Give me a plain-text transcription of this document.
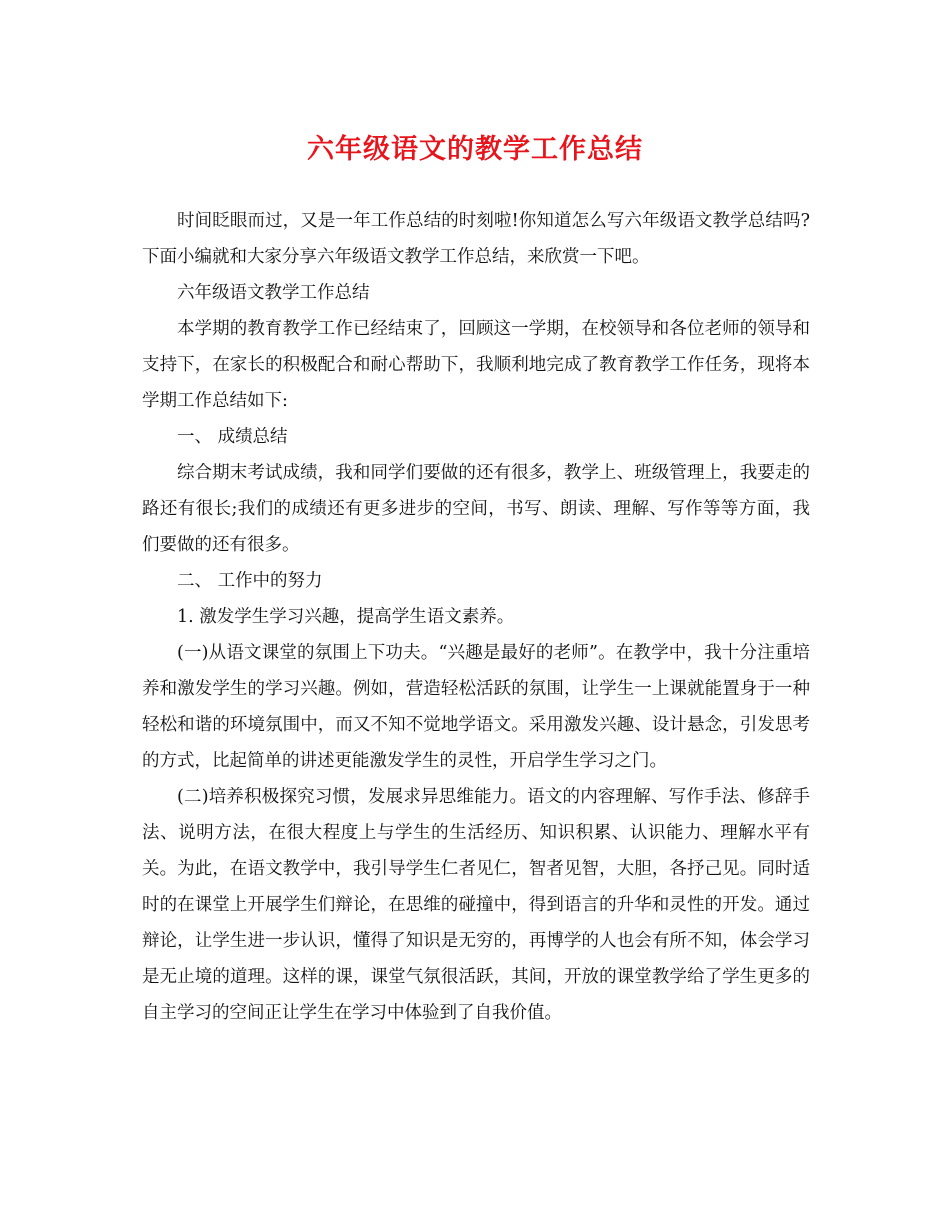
六年级语文的教学工作总结

时间眨眼而过，又是一年工作总结的时刻啦!你知道怎么写六年级语文教学总结吗?下面小编就和大家分享六年级语文教学工作总结，来欣赏一下吧。

六年级语文教学工作总结

本学期的教育教学工作已经结束了，回顾这一学期，在校领导和各位老师的领导和支持下，在家长的积极配合和耐心帮助下，我顺利地完成了教育教学工作任务，现将本学期工作总结如下:

一、 成绩总结

综合期末考试成绩，我和同学们要做的还有很多，教学上、班级管理上，我要走的路还有很长;我们的成绩还有更多进步的空间，书写、朗读、理解、写作等等方面，我们要做的还有很多。

二、 工作中的努力

1. 激发学生学习兴趣，提高学生语文素养。

(一)从语文课堂的氛围上下功夫。“兴趣是最好的老师”。在教学中，我十分注重培养和激发学生的学习兴趣。例如，营造轻松活跃的氛围，让学生一上课就能置身于一种轻松和谐的环境氛围中，而又不知不觉地学语文。采用激发兴趣、设计悬念，引发思考的方式，比起简单的讲述更能激发学生的灵性，开启学生学习之门。

(二)培养积极探究习惯，发展求异思维能力。语文的内容理解、写作手法、修辞手法、说明方法，在很大程度上与学生的生活经历、知识积累、认识能力、理解水平有关。为此，在语文教学中，我引导学生仁者见仁，智者见智，大胆，各抒己见。同时适时的在课堂上开展学生们辩论，在思维的碰撞中，得到语言的升华和灵性的开发。通过辩论，让学生进一步认识，懂得了知识是无穷的，再博学的人也会有所不知，体会学习是无止境的道理。这样的课，课堂气氛很活跃，其间，开放的课堂教学给了学生更多的自主学习的空间正让学生在学习中体验到了自我价值。
